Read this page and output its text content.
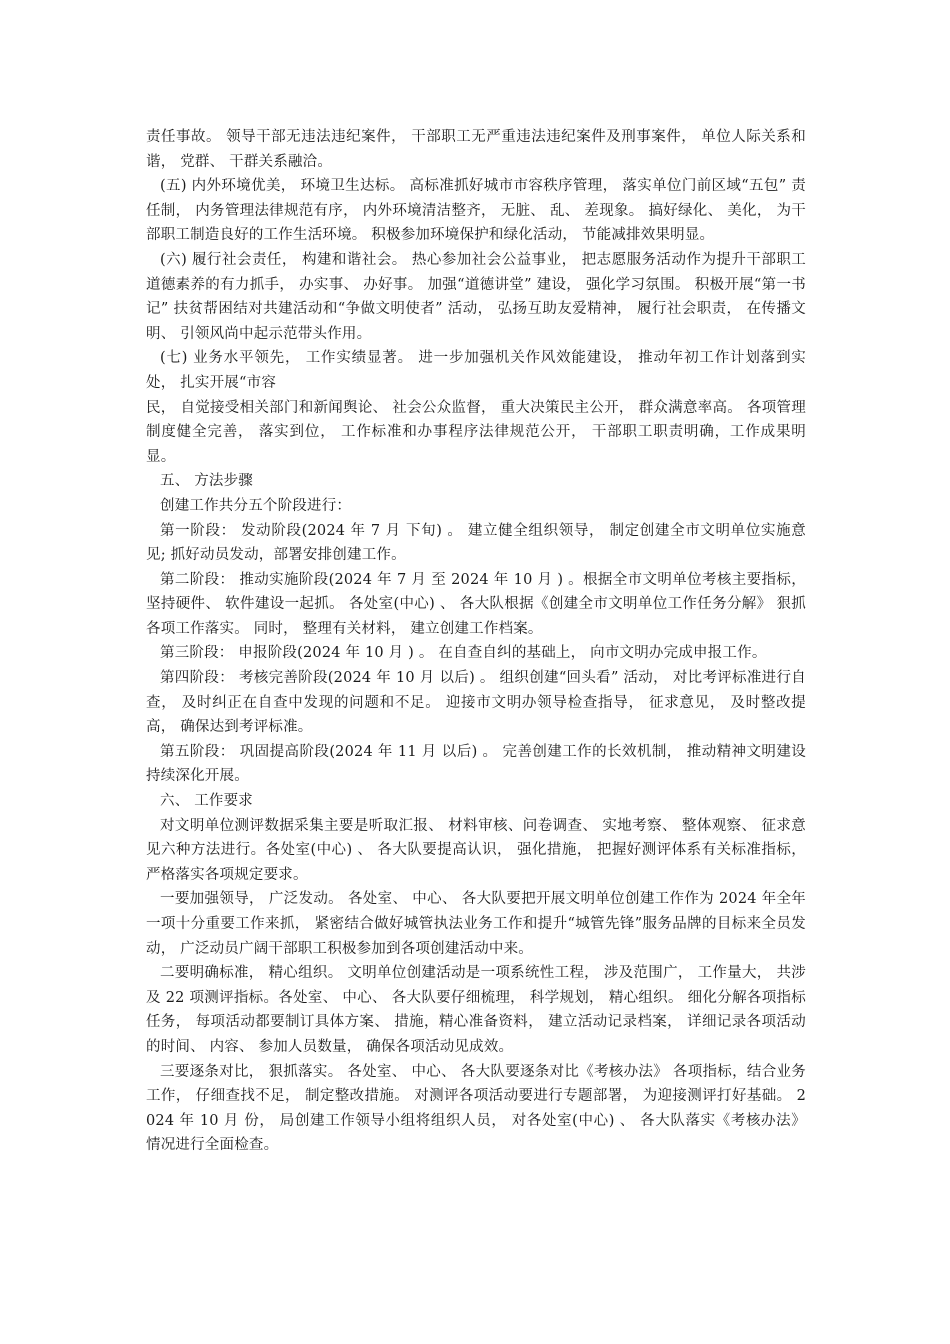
责任事故。 领导干部无违法违纪案件， 干部职工无严重违法违纪案件及刑事案件， 单位人际关系和谐， 党群、 干群关系融洽。

(五) 内外环境优美， 环境卫生达标。 高标准抓好城市市容秩序管理， 落实单位门前区域“五包” 责任制， 内务管理法律规范有序， 内外环境清洁整齐， 无脏、 乱、 差现象。 搞好绿化、 美化， 为干部职工制造良好的工作生活环境。 积极参加环境保护和绿化活动， 节能减排效果明显。

(六) 履行社会责任， 构建和谐社会。 热心参加社会公益事业， 把志愿服务活动作为提升干部职工道德素养的有力抓手， 办实事、 办好事。 加强“道德讲堂” 建设， 强化学习氛围。 积极开展“第一书记” 扶贫帮困结对共建活动和“争做文明使者” 活动， 弘扬互助友爱精神， 履行社会职责， 在传播文明、 引领风尚中起示范带头作用。

(七) 业务水平领先， 工作实绩显著。 进一步加强机关作风效能建设， 推动年初工作计划落到实处， 扎实开展“市容

民， 自觉接受相关部门和新闻舆论、 社会公众监督， 重大决策民主公开， 群众满意率高。 各项管理制度健全完善， 落实到位， 工作标准和办事程序法律规范公开， 干部职工职责明确，工作成果明显。

五、 方法步骤

创建工作共分五个阶段进行：

第一阶段： 发动阶段(2024 年 7 月 下旬) 。 建立健全组织领导， 制定创建全市文明单位实施意见; 抓好动员发动，部署安排创建工作。

第二阶段： 推动实施阶段(2024 年 7 月 至 2024 年 10 月 ) 。根据全市文明单位考核主要指标， 坚持硬件、 软件建设一起抓。 各处室(中心) 、 各大队根据《创建全市文明单位工作任务分解》 狠抓各项工作落实。 同时， 整理有关材料， 建立创建工作档案。

第三阶段： 申报阶段(2024 年 10 月 ) 。 在自查自纠的基础上， 向市文明办完成申报工作。

第四阶段： 考核完善阶段(2024 年 10 月 以后) 。 组织创建“回头看” 活动， 对比考评标准进行自查， 及时纠正在自查中发现的问题和不足。 迎接市文明办领导检查指导， 征求意见， 及时整改提高， 确保达到考评标准。

第五阶段： 巩固提高阶段(2024 年 11 月 以后) 。 完善创建工作的长效机制， 推动精神文明建设持续深化开展。

六、 工作要求

对文明单位测评数据采集主要是听取汇报、 材料审核、问卷调查、 实地考察、 整体观察、 征求意见六种方法进行。各处室(中心) 、 各大队要提高认识， 强化措施， 把握好测评体系有关标准指标， 严格落实各项规定要求。

一要加强领导， 广泛发动。 各处室、 中心、 各大队要把开展文明单位创建工作作为 2024 年全年一项十分重要工作来抓， 紧密结合做好城管执法业务工作和提升“城管先锋”服务品牌的目标来全员发动， 广泛动员广阔干部职工积极参加到各项创建活动中来。

二要明确标准， 精心组织。 文明单位创建活动是一项系统性工程， 涉及范围广， 工作量大， 共涉及 22 项测评指标。各处室、 中心、 各大队要仔细梳理， 科学规划， 精心组织。 细化分解各项指标任务， 每项活动都要制订具体方案、 措施，精心准备资料， 建立活动记录档案， 详细记录各项活动的时间、 内容、 参加人员数量， 确保各项活动见成效。

三要逐条对比， 狠抓落实。 各处室、 中心、 各大队要逐条对比《考核办法》 各项指标，结合业务工作， 仔细查找不足， 制定整改措施。 对测评各项活动要进行专题部署， 为迎接测评打好基础。 2024 年 10 月 份， 局创建工作领导小组将组织人员， 对各处室(中心) 、 各大队落实《考核办法》 情况进行全面检查。
